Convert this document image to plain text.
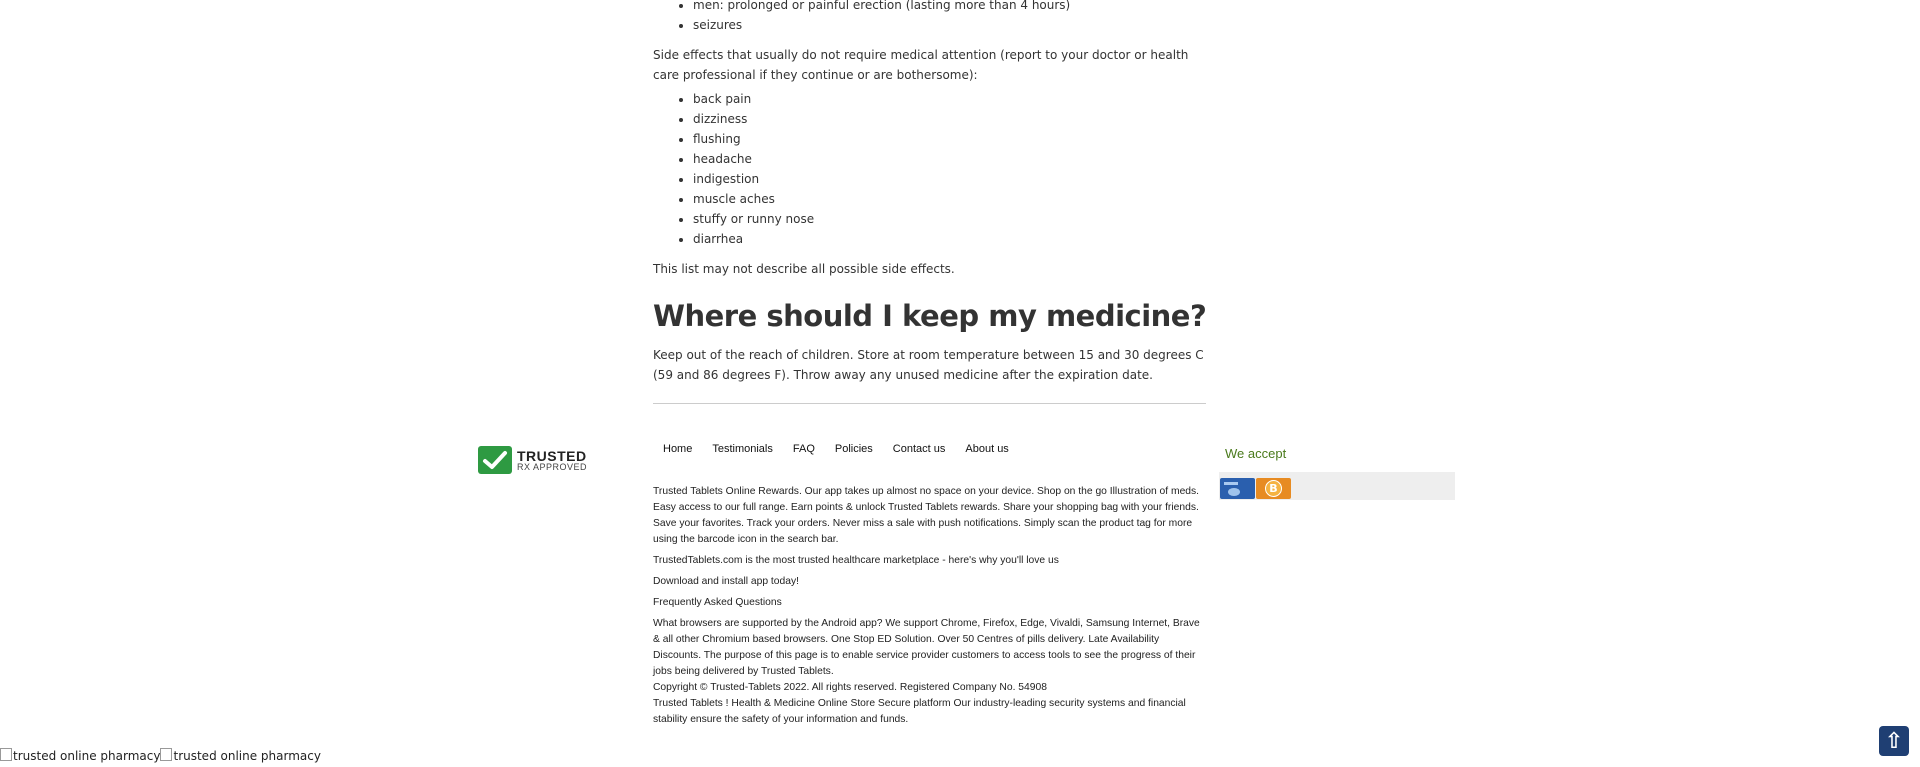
• men: prolonged or painful erection (lasting more than 4 hours)
• seizures

Side effects that usually do not require medical attention (report to your doctor or health care professional if they continue or are bothersome):

• back pain
• dizziness
• flushing
• headache
• indigestion
• muscle aches
• stuffy or runny nose
• diarrhea

This list may not describe all possible side effects.

Where should I keep my medicine?

Keep out of the reach of children. Store at room temperature between 15 and 30 degrees C (59 and 86 degrees F). Throw away any unused medicine after the expiration date.

TRUSTED
RX APPROVED
Home	Testimonials	FAQ	Policies	Contact us	About us

Trusted Tablets Online Rewards. Our app takes up almost no space on your device. Shop on the go Illustration of meds. Easy access to our full range. Earn points & unlock Trusted Tablets rewards. Share your shopping bag with your friends. Save your favorites. Track your orders. Never miss a sale with push notifications. Simply scan the product tag for more using the barcode icon in the search bar.

TrustedTablets.com is the most trusted healthcare marketplace - here's why you'll love us

Download and install app today!

Frequently Asked Questions

What browsers are supported by the Android app? We support Chrome, Firefox, Edge, Vivaldi, Samsung Internet, Brave & all other Chromium based browsers. One Stop ED Solution. Over 50 Centres of pills delivery. Late Availability Discounts. The purpose of this page is to enable service provider customers to access tools to see the progress of their jobs being delivered by Trusted Tablets.

Copyright © Trusted-Tablets 2022. All rights reserved. Registered Company No. 54908

Trusted Tablets ! Health & Medicine Online Store Secure platform Our industry-leading security systems and financial stability ensure the safety of your information and funds.

We accept
B
trusted online pharmacy trusted online pharmacy
⇧
